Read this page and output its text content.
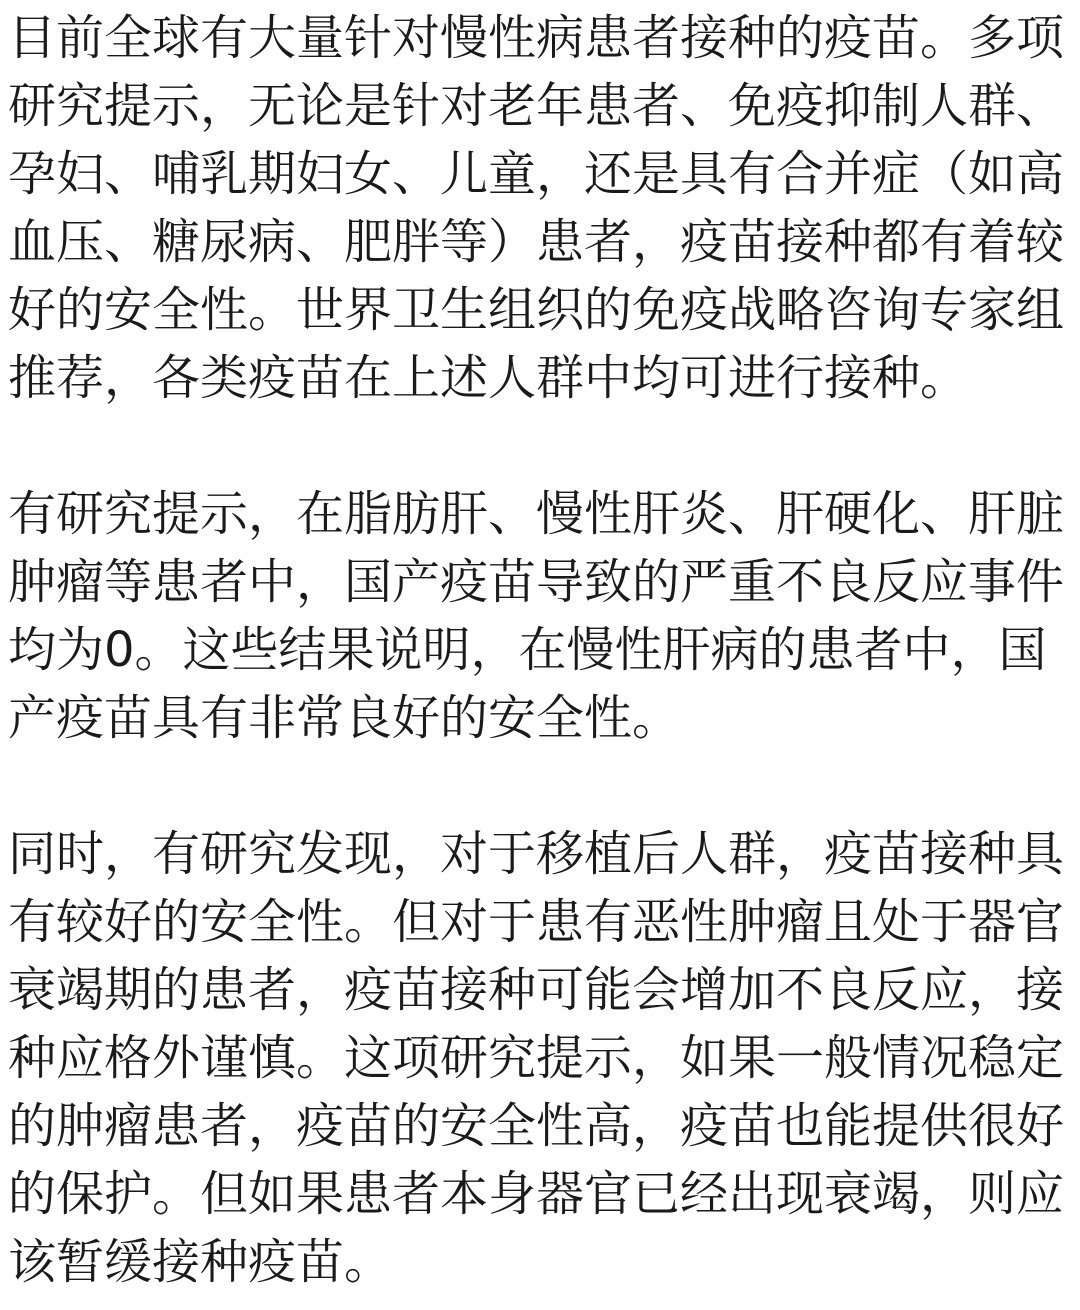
目前全球有大量针对慢性病患者接种的疫苗。多项研究提示，无论是针对老年患者、免疫抑制人群、孕妇、哺乳期妇女、儿童，还是具有合并症（如高血压、糖尿病、肥胖等）患者，疫苗接种都有着较好的安全性。世界卫生组织的免疫战略咨询专家组推荐，各类疫苗在上述人群中均可进行接种。

有研究提示，在脂肪肝、慢性肝炎、肝硬化、肝脏肿瘤等患者中，国产疫苗导致的严重不良反应事件均为0。这些结果说明，在慢性肝病的患者中，国产疫苗具有非常良好的安全性。

同时，有研究发现，对于移植后人群，疫苗接种具有较好的安全性。但对于患有恶性肿瘤且处于器官衰竭期的患者，疫苗接种可能会增加不良反应，接种应格外谨慎。这项研究提示，如果一般情况稳定的肿瘤患者，疫苗的安全性高，疫苗也能提供很好的保护。但如果患者本身器官已经出现衰竭，则应该暂缓接种疫苗。
